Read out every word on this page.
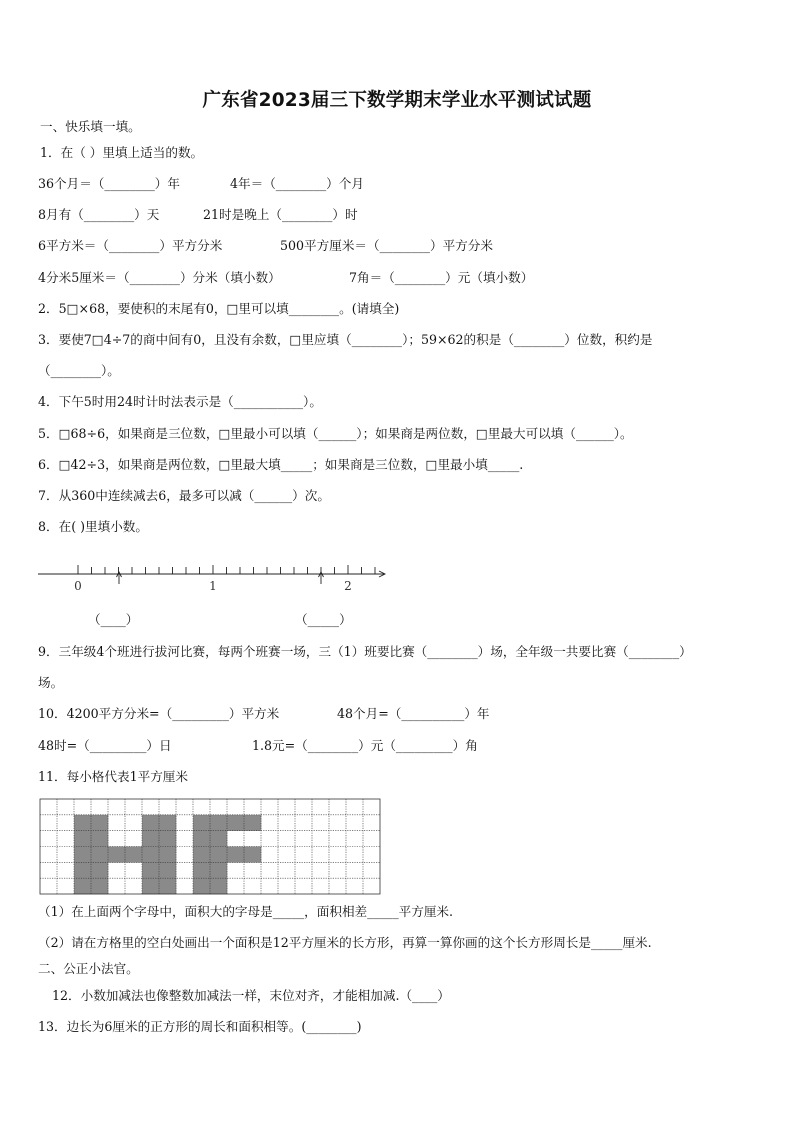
广东省2023届三下数学期末学业水平测试试题
一、快乐填一填。
1．在（ ）里填上适当的数。
36个月＝（________）年	4年＝（________）个月
8月有（________）天	21时是晚上（________）时
6平方米＝（________）平方分米	500平方厘米＝（________）平方分米
4分米5厘米＝（________）分米（填小数）	7角＝（________）元（填小数）
2．5□×68，要使积的末尾有0，□里可以填________。(请填全)
3．要使7□4÷7的商中间有0，且没有余数，□里应填（________）；59×62的积是（________）位数，积约是
（________）。
4．下午5时用24时计时法表示是（___________）。
5．□68÷6，如果商是三位数，□里最小可以填（______）；如果商是两位数，□里最大可以填（______）。
6．□42÷3，如果商是两位数，□里最大填_____；如果商是三位数，□里最小填_____.
7．从360中连续减去6，最多可以减（______）次。
8．在( )里填小数。
0	1	2
（____）	（_____）
9．三年级4个班进行拔河比赛，每两个班赛一场，三（1）班要比赛（________）场，全年级一共要比赛（________）
场。
10．4200平方分米=（_________）平方米	48个月=（__________）年
48时=（_________）日	1.8元=（________）元（_________）角
11．每小格代表1平方厘米
（1）在上面两个字母中，面积大的字母是_____，面积相差_____平方厘米.
（2）请在方格里的空白处画出一个面积是12平方厘米的长方形，再算一算你画的这个长方形周长是_____厘米.
二、公正小法官。
12．小数加减法也像整数加减法一样，末位对齐，才能相加减.（____）
13．边长为6厘米的正方形的周长和面积相等。(________)
